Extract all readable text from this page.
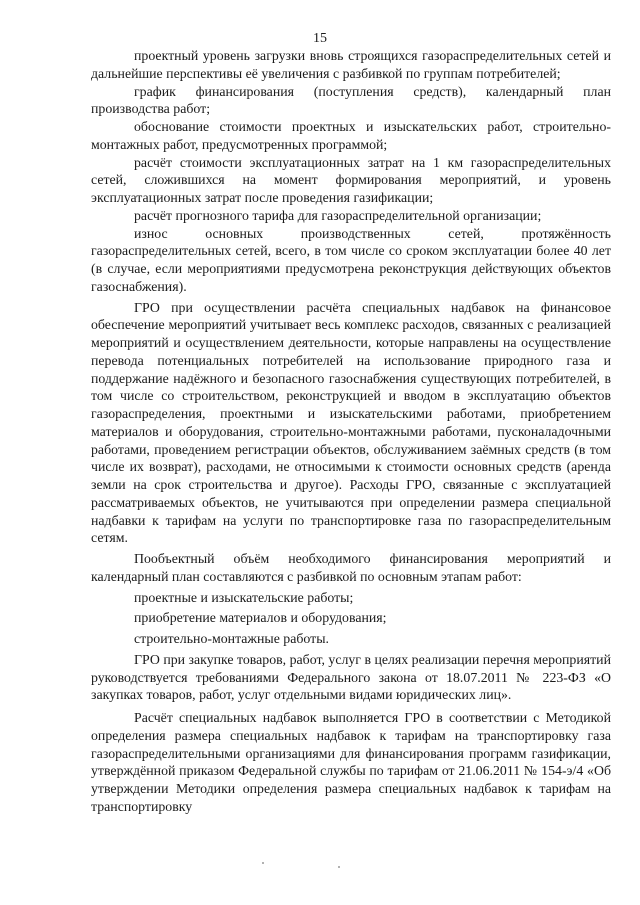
15

проектный уровень загрузки вновь строящихся газораспределительных сетей и дальнейшие перспективы её увеличения с разбивкой по группам потребителей;

график финансирования (поступления средств), календарный план производства работ;

обоснование стоимости проектных и изыскательских работ, строительно-монтажных работ, предусмотренных программой;

расчёт стоимости эксплуатационных затрат на 1 км газораспределительных сетей, сложившихся на момент формирования мероприятий, и уровень эксплуатационных затрат после проведения газификации;

расчёт прогнозного тарифа для газораспределительной организации;

износ основных производственных сетей, протяжённость газораспределительных сетей, всего, в том числе со сроком эксплуатации более 40 лет (в случае, если мероприятиями предусмотрена реконструкция действующих объектов газоснабжения).

ГРО при осуществлении расчёта специальных надбавок на финансовое обеспечение мероприятий учитывает весь комплекс расходов, связанных с реализацией мероприятий и осуществлением деятельности, которые направлены на осуществление перевода потенциальных потребителей на использование природного газа и поддержание надёжного и безопасного газоснабжения существующих потребителей, в том числе со строительством, реконструкцией и вводом в эксплуатацию объектов газораспределения, проектными и изыскательскими работами, приобретением материалов и оборудования, строительно-монтажными работами, пусконаладочными работами, проведением регистрации объектов, обслуживанием заёмных средств (в том числе их возврат), расходами, не относимыми к стоимости основных средств (аренда земли на срок строительства и другое). Расходы ГРО, связанные с эксплуатацией рассматриваемых объектов, не учитываются при определении размера специальной надбавки к тарифам на услуги по транспортировке газа по газораспределительным сетям.

Пообъектный объём необходимого финансирования мероприятий и календарный план составляются с разбивкой по основным этапам работ:

проектные и изыскательские работы;

приобретение материалов и оборудования;

строительно-монтажные работы.

ГРО при закупке товаров, работ, услуг в целях реализации перечня мероприятий руководствуется требованиями Федерального закона от 18.07.2011 № 223-ФЗ «О закупках товаров, работ, услуг отдельными видами юридических лиц».

Расчёт специальных надбавок выполняется ГРО в соответствии с Методикой определения размера специальных надбавок к тарифам на транспортировку газа газораспределительными организациями для финансирования программ газификации, утверждённой приказом Федеральной службы по тарифам от 21.06.2011 № 154-э/4 «Об утверждении Методики определения размера специальных надбавок к тарифам на транспортировку
